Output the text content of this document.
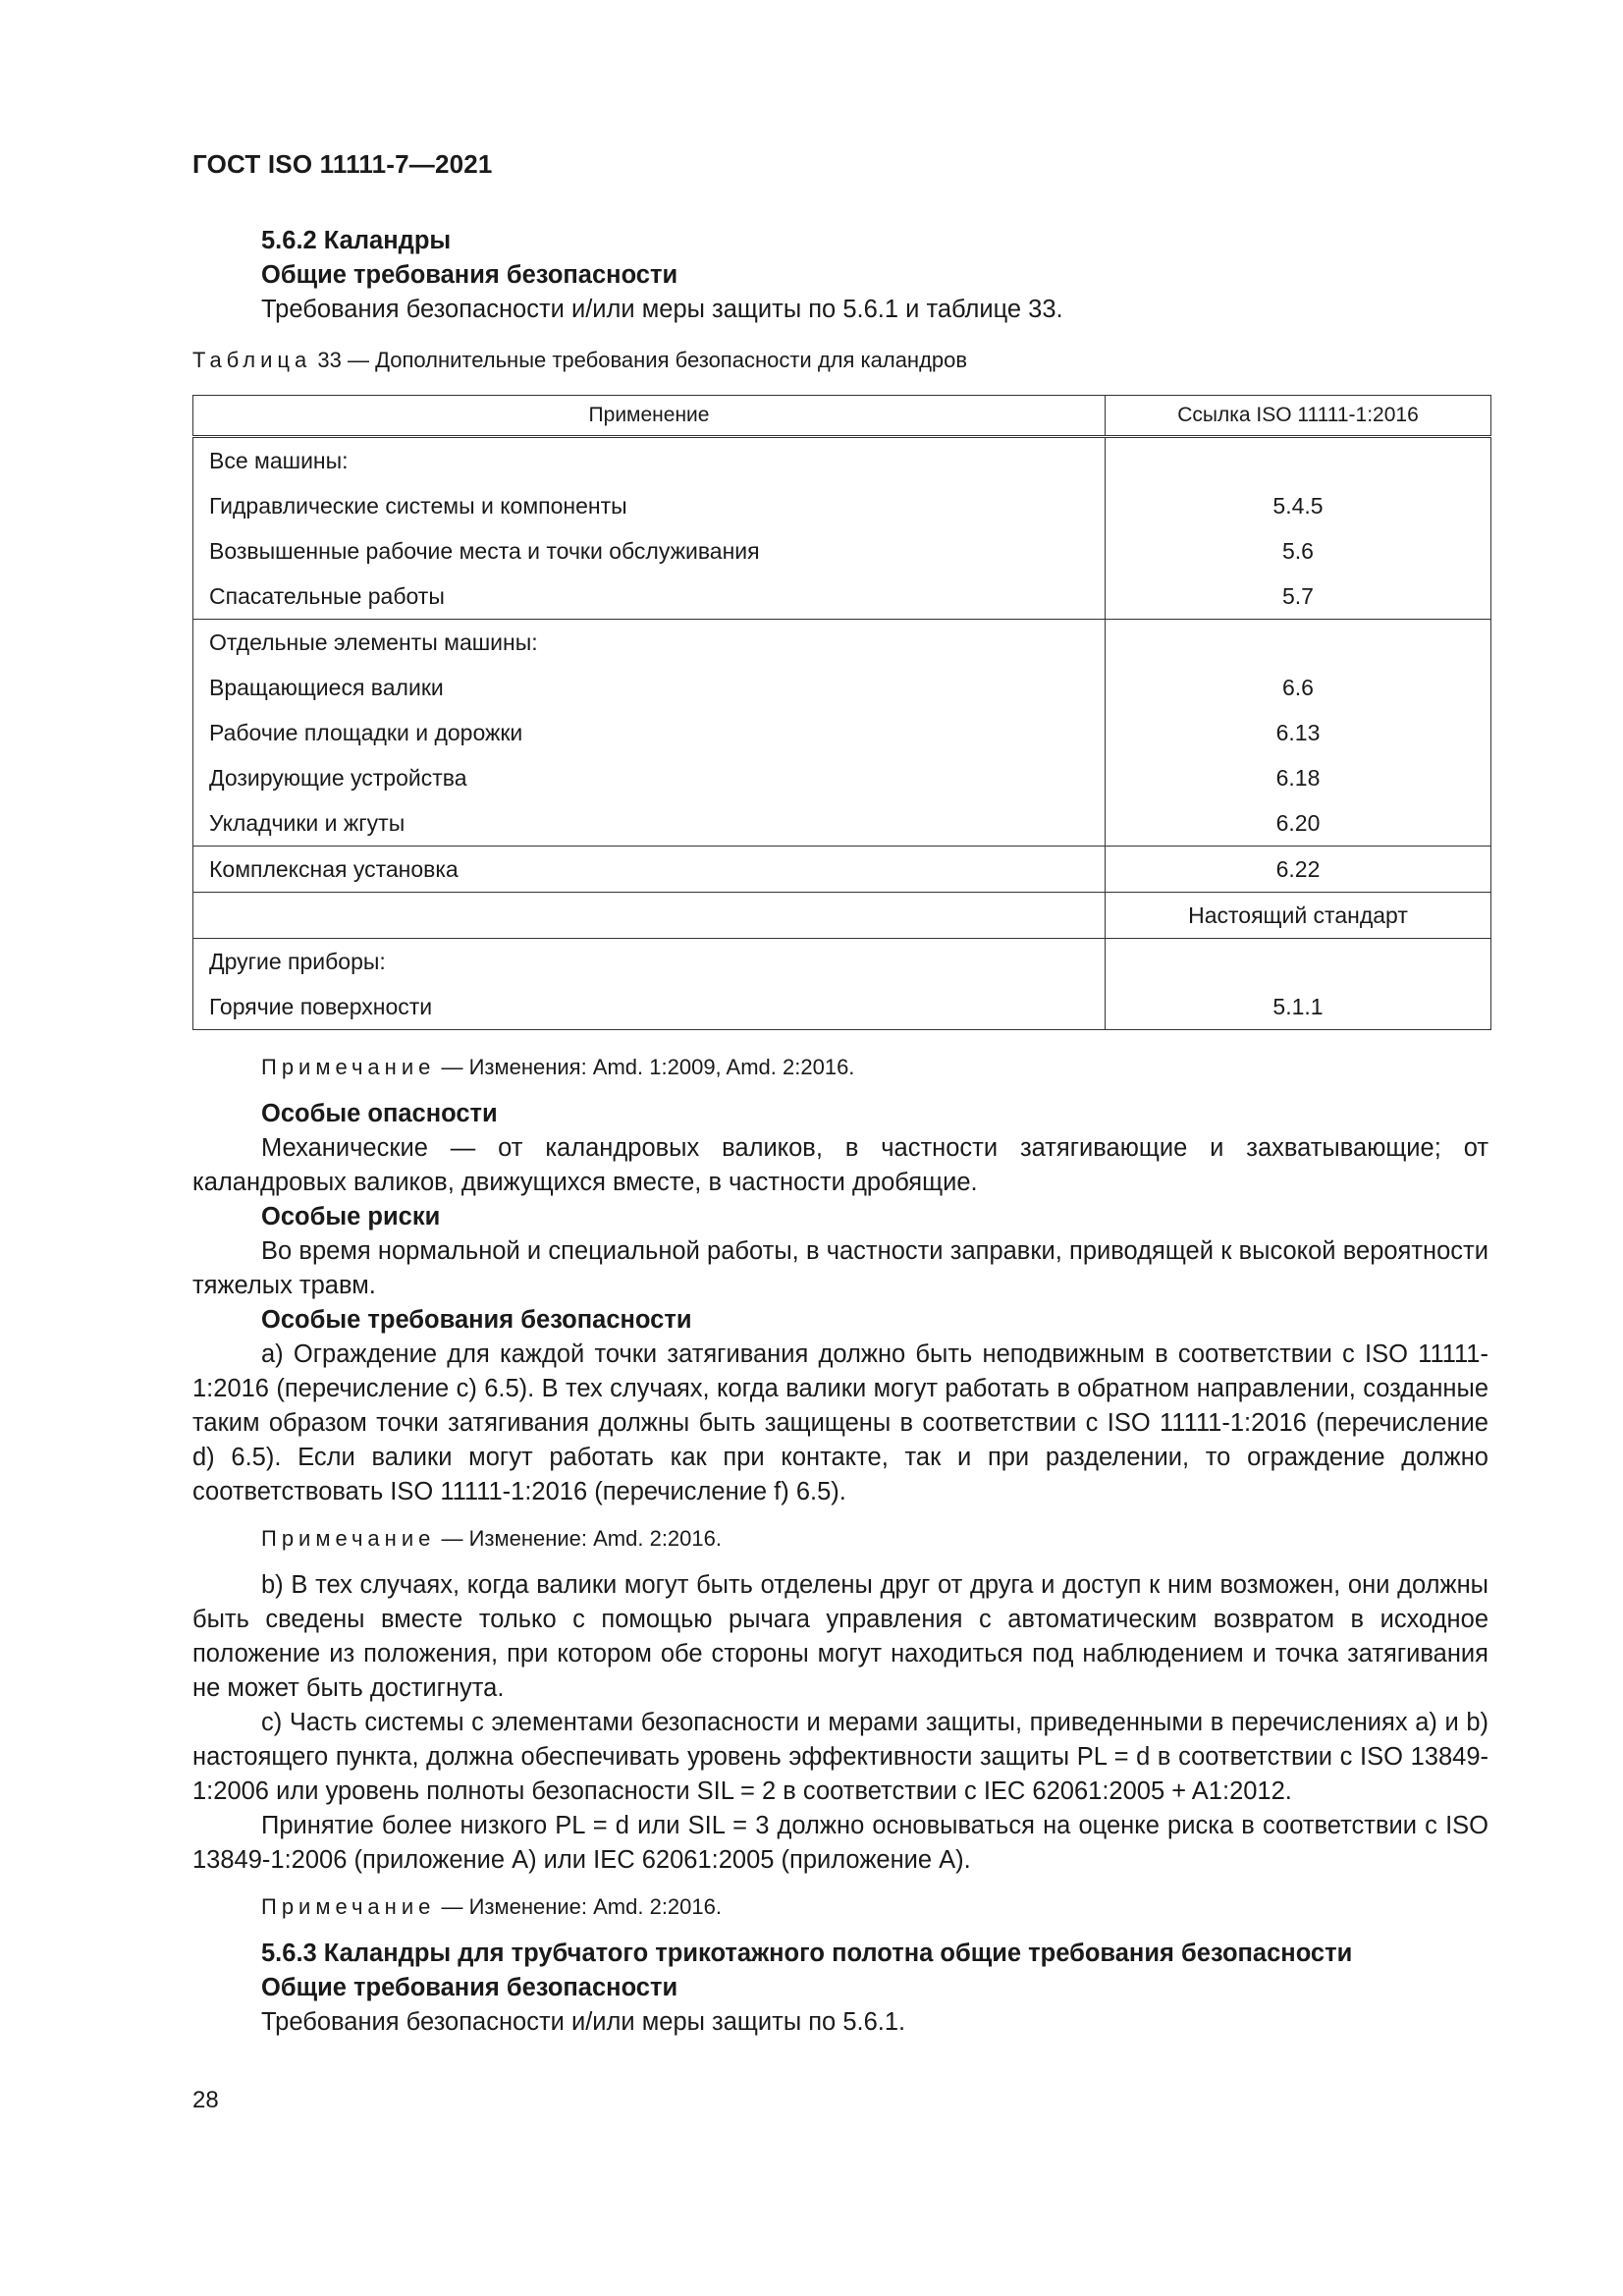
ГОСТ ISO 11111-7—2021
5.6.2 Каландры
Общие требования безопасности
Требования безопасности и/или меры защиты по 5.6.1 и таблице 33.
Таблица 33 — Дополнительные требования безопасности для каландров
Применение	Ссылка ISO 11111-1:2016
Все машины:	
Гидравлические системы и компоненты	5.4.5
Возвышенные рабочие места и точки обслуживания	5.6
Спасательные работы	5.7
Отдельные элементы машины:	
Вращающиеся валики	6.6
Рабочие площадки и дорожки	6.13
Дозирующие устройства	6.18
Укладчики и жгуты	6.20
Комплексная установка	6.22
	Настоящий стандарт
Другие приборы:	
Горячие поверхности	5.1.1
Примечание — Изменения: Amd. 1:2009, Amd. 2:2016.
Особые опасности

Механические — от каландровых валиков, в частности затягивающие и захватывающие; от каландровых валиков, движущихся вместе, в частности дробящие.

Особые риски

Во время нормальной и специальной работы, в частности заправки, приводящей к высокой вероятности тяжелых травм.

Особые требования безопасности

а) Ограждение для каждой точки затягивания должно быть неподвижным в соответствии с ISO 11111-1:2016 (перечисление с) 6.5). В тех случаях, когда валики могут работать в обратном направлении, созданные таким образом точки затягивания должны быть защищены в соответствии с ISO 11111-1:2016 (перечисление d) 6.5). Если валики могут работать как при контакте, так и при разделении, то ограждение должно соответствовать ISO 11111-1:2016 (перечисление f) 6.5).

Примечание — Изменение: Amd. 2:2016.

b) В тех случаях, когда валики могут быть отделены друг от друга и доступ к ним возможен, они должны быть сведены вместе только с помощью рычага управления с автоматическим возвратом в исходное положение из положения, при котором обе стороны могут находиться под наблюдением и точка затягивания не может быть достигнута.

с) Часть системы с элементами безопасности и мерами защиты, приведенными в перечислениях а) и b) настоящего пункта, должна обеспечивать уровень эффективности защиты PL = d в соответствии с ISO 13849-1:2006 или уровень полноты безопасности SIL = 2 в соответствии с IEC 62061:2005 + A1:2012.

Принятие более низкого PL = d или SIL = 3 должно основываться на оценке риска в соответствии с ISO 13849-1:2006 (приложение А) или IEC 62061:2005 (приложение А).

Примечание — Изменение: Amd. 2:2016.
5.6.3 Каландры для трубчатого трикотажного полотна общие требования безопасности
Общие требования безопасности
Требования безопасности и/или меры защиты по 5.6.1.
28
